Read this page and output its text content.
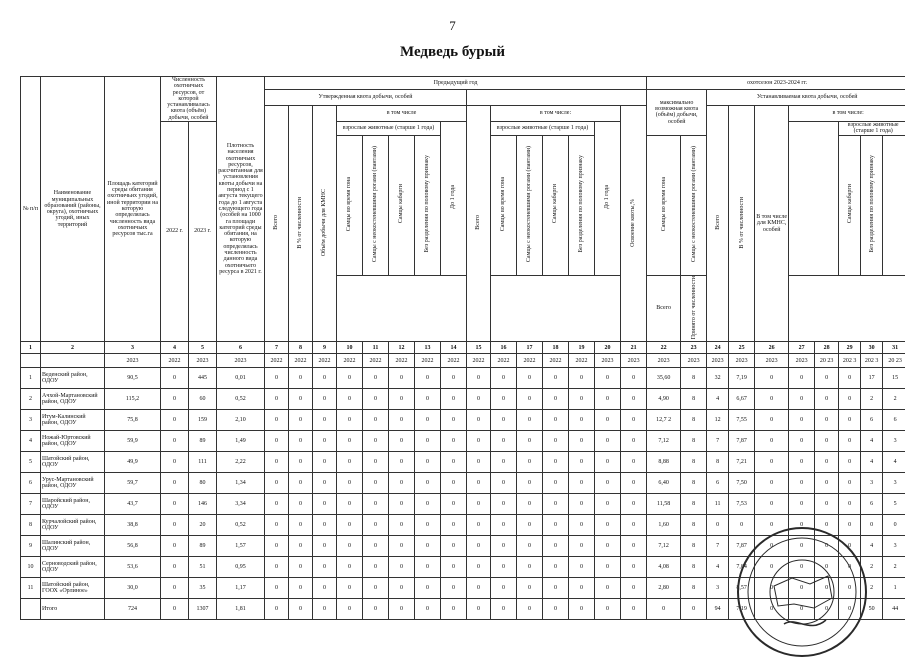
7
Медведь бурый
№ п/п	Наименование муниципальных образований (районы, округа), охотничьих угодий, иных территорий	Площадь категорий среды обитания охотничьих угодий, иной территории на которую определялась численность вида охотничьих ресурсов тыс.га	Численность охотничьих ресурсов, от которой устанавливалась квота (объём) добычи, особей		Плотность населения охотничьих ресурсов, рассчитанная для установления квоты добычи на период с 1 августа текущего года до 1 августа следующего года (особей на 1000 га площади категорий среды обитания, на которую определялась численность данного вида охотничьего ресурса в 2021 г.	Предыдущий год															охотсезон 2023-2024 гг.										
						Утвержденная квота добычи, особей															максимально возможная квота (объём) добычи, особей		Устанавливаемая квота добычи, особей								
						Всего	В % от численности	Объём добычи для КМНС	в том числе					Всего	в том числе:					Освоение квоты,%			Всего	В % от численности	В том числе для КМНС, особей	в том числе:					
			2022 г.	2023 г.					взрослые животные (старше 1 года)				До 1 года		взрослые животные (старше 1 года)				До 1 года									взрослые животные (старше 1 года)	
									Самцы во время гона	Самцы с неокостеневшими рогами (пантами)	Самцы кабарги	Без разделения по половому признаку			Самцы во время гона	Самцы с неокостеневшими рогами (пантами)	Самцы кабарги	Без разделения по половому признаку			Самцы во время гона	Самцы с неокостеневшими рогами (пантами)						Самцы кабарги	Без разделения по половому признаку		
																					Всего	Принято от численности									
1	2	3	4	5	6	7	8	9	10	11	12	13	14	15	16	17	18	19	20	21	22	23	24	25	26	27	28	29	30	31	
		2023	2022	2023	2023	2022	2022	2022	2022	2022	2022	2022	2022	2022	2022	2022	2022	2022	2023	2023	2023	2023	2023	2023	2023	2023	20 23	202 3	202 3	20 23	
1	Веденский район, ОДОУ	90,5	0	445	0,01	0	0	0	0	0	0	0	0	0	0	0	0	0	0	0	35,60	8	32	7,19	0	0	0	0	17	15	
2	Ачхой-Мартановский район, ОДОУ	115,2	0	60	0,52	0	0	0	0	0	0	0	0	0	0	0	0	0	0	0	4,90	8	4	6,67	0	0	0	0	2	2	
3	Итум-Калинский район, ОДОУ	75,8	0	159	2,10	0	0	0	0	0	0	0	0	0	0	0	0	0	0	0	12,7 2	8	12	7,55	0	0	0	0	6	6	
4	Ножай-Юртовский район, ОДОУ	59,9	0	89	1,49	0	0	0	0	0	0	0	0	0	0	0	0	0	0	0	7,12	8	7	7,87	0	0	0	0	4	3	
5	Шатойский район, ОДОУ	49,9	0	111	2,22	0	0	0	0	0	0	0	0	0	0	0	0	0	0	0	8,88	8	8	7,21	0	0	0	0	4	4	
6	Урус-Мартановский район, ОДОУ	59,7	0	80	1,34	0	0	0	0	0	0	0	0	0	0	0	0	0	0	0	6,40	8	6	7,50	0	0	0	0	3	3	
7	Шаройский район, ОДОУ	43,7	0	146	3,34	0	0	0	0	0	0	0	0	0	0	0	0	0	0	0	11,58	8	11	7,53	0	0	0	0	6	5	
8	Курчалойский район, ОДОУ	38,8	0	20	0,52	0	0	0	0	0	0	0	0	0	0	0	0	0	0	0	1,60	8	0	0	0	0	0	0	0	0	
9	Шалинский район, ОДОУ	56,8	0	89	1,57	0	0	0	0	0	0	0	0	0	0	0	0	0	0	0	7,12	8	7	7,87	0	0	0	0	4	3	
10	Серноводский район, ОДОУ	53,6	0	51	0,95	0	0	0	0	0	0	0	0	0	0	0	0	0	0	0	4,08	8	4	7,84	0	0	0	0	2	2	
11	Шатойский район, ГООХ «Орлиное»	30,0	0	35	1,17	0	0	0	0	0	0	0	0	0	0	0	0	0	0	0	2,80	8	3	8,57	0	0	0	0	2	1	
	Итого	724	0	1307	1,81	0	0	0	0	0	0	0	0	0	0	0	0	0	0	0	0	0	94	7,19	0	0	0	0	50	44	
